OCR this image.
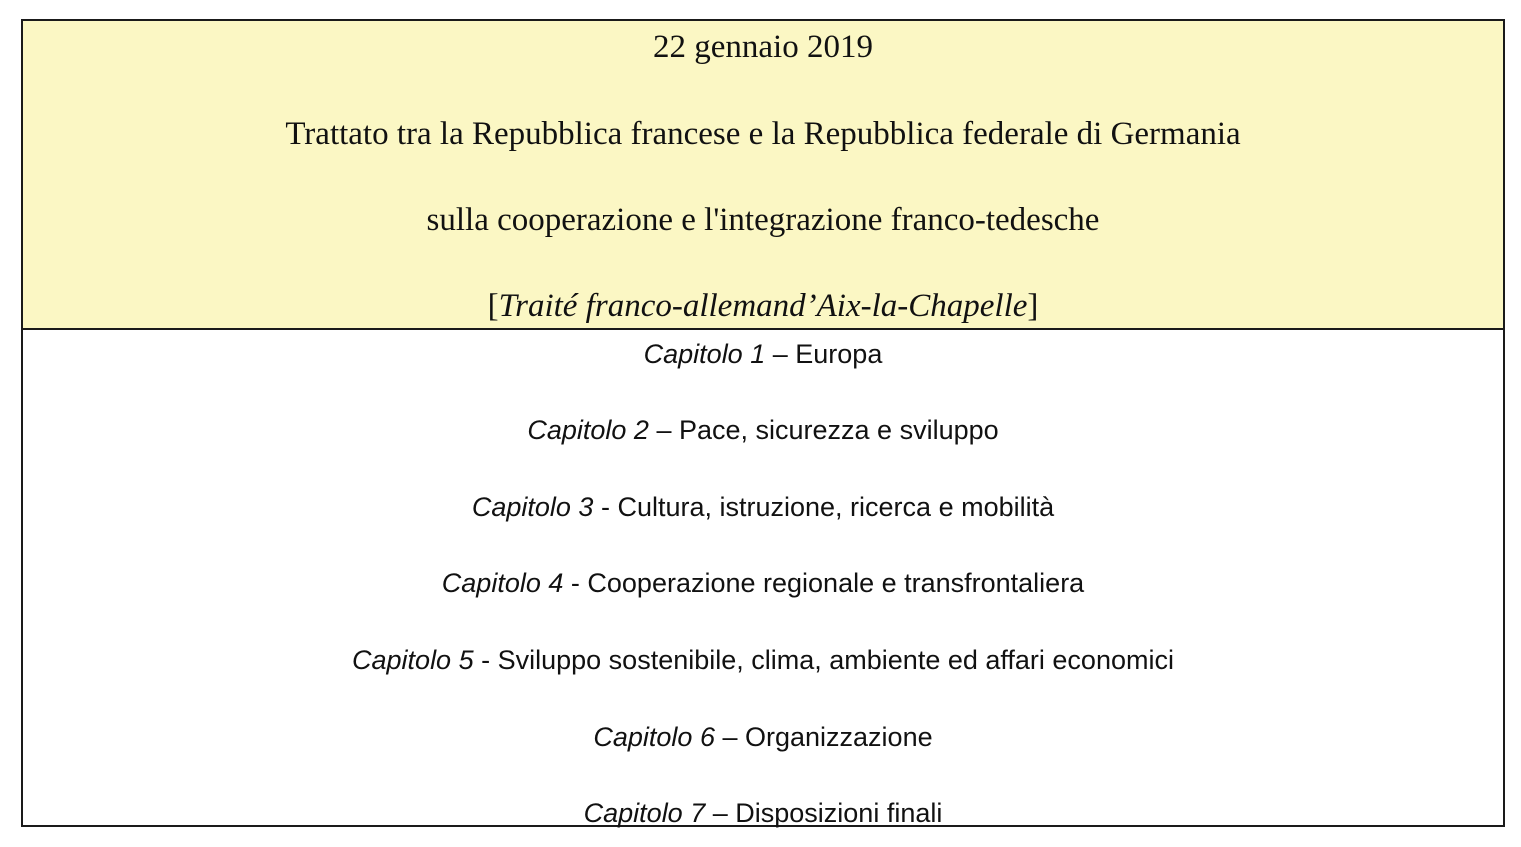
22 gennaio 2019
Trattato tra la Repubblica francese e la Repubblica federale di Germania
sulla cooperazione e l'integrazione franco-tedesche
[Traité franco-allemand’Aix-la-Chapelle]
Capitolo 1 – Europa
Capitolo 2 – Pace, sicurezza e sviluppo
Capitolo 3 - Cultura, istruzione, ricerca e mobilità
Capitolo 4 - Cooperazione regionale e transfrontaliera
Capitolo 5 - Sviluppo sostenibile, clima, ambiente ed affari economici
Capitolo 6 – Organizzazione
Capitolo 7 – Disposizioni finali
